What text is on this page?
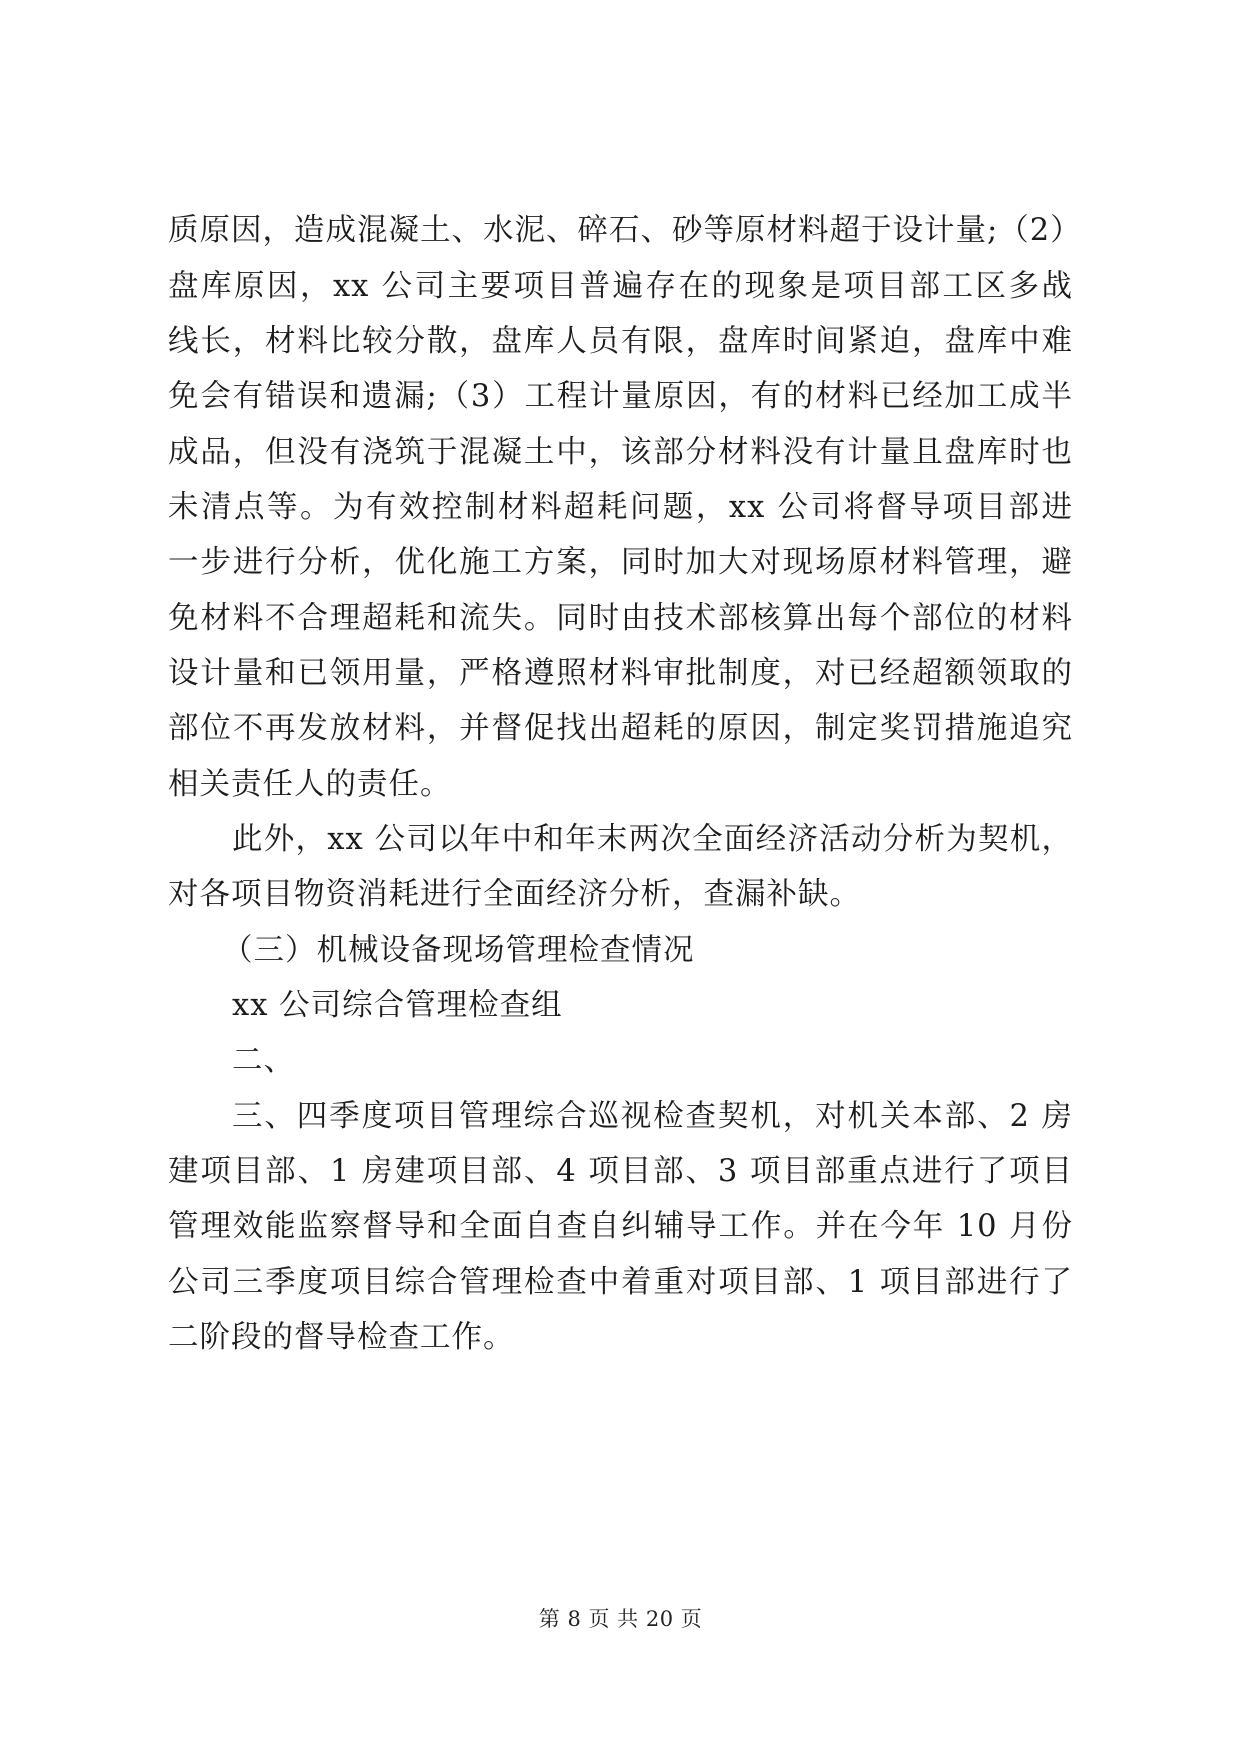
质原因，造成混凝土、水泥、碎石、砂等原材料超于设计量;（2）
盘库原因，xx 公司主要项目普遍存在的现象是项目部工区多战
线长，材料比较分散，盘库人员有限，盘库时间紧迫，盘库中难
免会有错误和遗漏;（3）工程计量原因，有的材料已经加工成半
成品，但没有浇筑于混凝土中，该部分材料没有计量且盘库时也
未清点等。为有效控制材料超耗问题，xx 公司将督导项目部进
一步进行分析，优化施工方案，同时加大对现场原材料管理，避
免材料不合理超耗和流失。同时由技术部核算出每个部位的材料
设计量和已领用量，严格遵照材料审批制度，对已经超额领取的
部位不再发放材料，并督促找出超耗的原因，制定奖罚措施追究
相关责任人的责任。
此外，xx 公司以年中和年末两次全面经济活动分析为契机，
对各项目物资消耗进行全面经济分析，查漏补缺。
（三）机械设备现场管理检查情况
xx 公司综合管理检查组
二、
三、四季度项目管理综合巡视检查契机，对机关本部、2 房
建项目部、1 房建项目部、4 项目部、3 项目部重点进行了项目
管理效能监察督导和全面自查自纠辅导工作。并在今年 10 月份
公司三季度项目综合管理检查中着重对项目部、1 项目部进行了
二阶段的督导检查工作。
第 8 页 共 20 页
